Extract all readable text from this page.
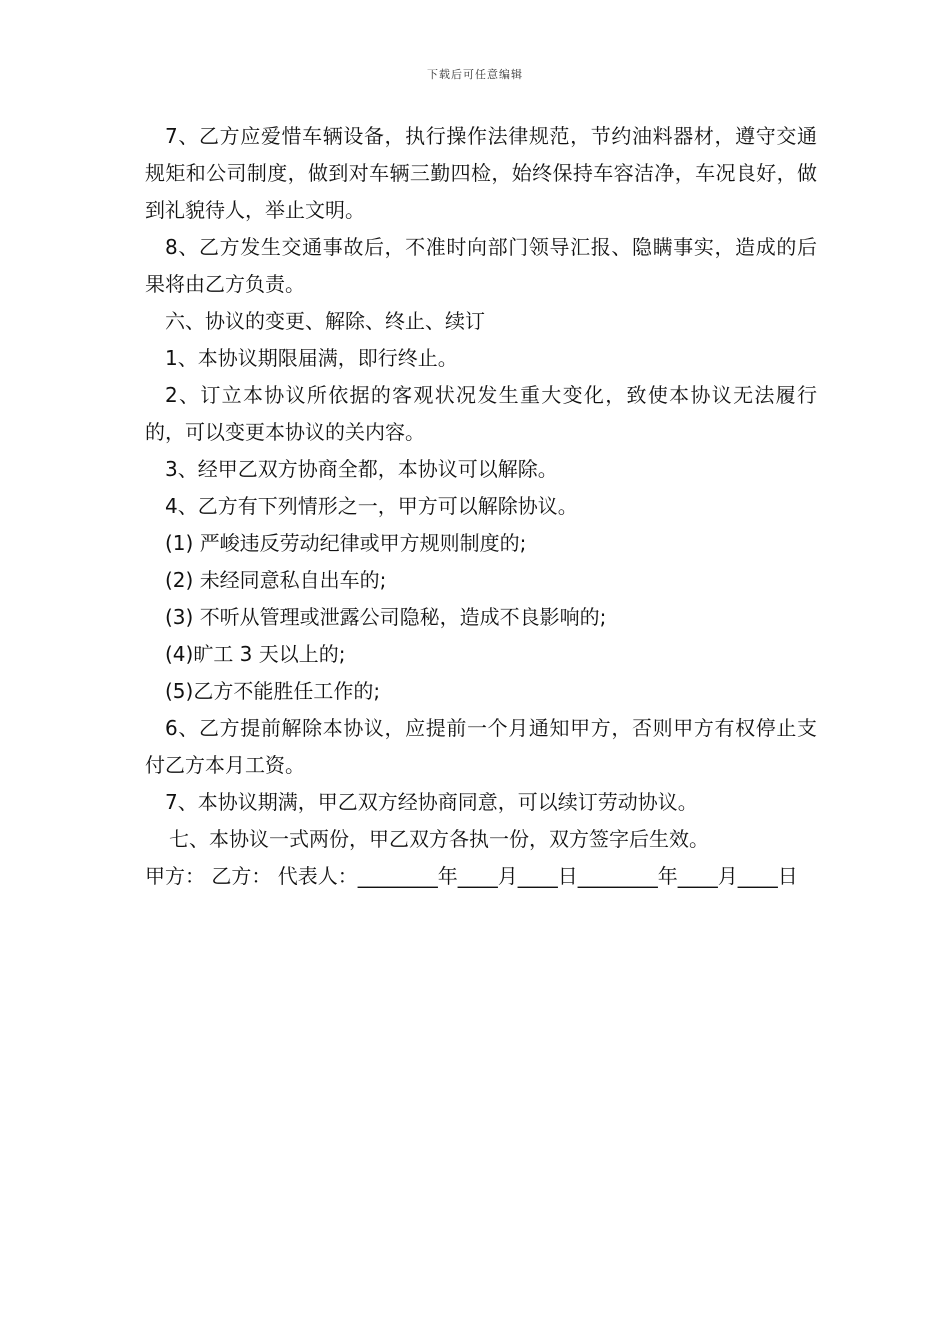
下载后可任意编辑

7、乙方应爱惜车辆设备，执行操作法律规范，节约油料器材，遵守交通规矩和公司制度，做到对车辆三勤四检，始终保持车容洁净，车况良好，做到礼貌待人，举止文明。

8、乙方发生交通事故后，不准时向部门领导汇报、隐瞒事实，造成的后果将由乙方负责。

六、协议的变更、解除、终止、续订

1、本协议期限届满，即行终止。

2、订立本协议所依据的客观状况发生重大变化，致使本协议无法履行的，可以变更本协议的关内容。

3、经甲乙双方协商全都，本协议可以解除。

4、乙方有下列情形之一，甲方可以解除协议。

(1) 严峻违反劳动纪律或甲方规则制度的;

(2) 未经同意私自出车的;

(3) 不听从管理或泄露公司隐秘，造成不良影响的;

(4)旷工 3 天以上的;

(5)乙方不能胜任工作的;

6、乙方提前解除本协议，应提前一个月通知甲方，否则甲方有权停止支付乙方本月工资。

7、本协议期满，甲乙双方经协商同意，可以续订劳动协议。

七、本协议一式两份，甲乙双方各执一份，双方签字后生效。

甲方： 乙方： 代表人：________年____月____日________年____月____日
